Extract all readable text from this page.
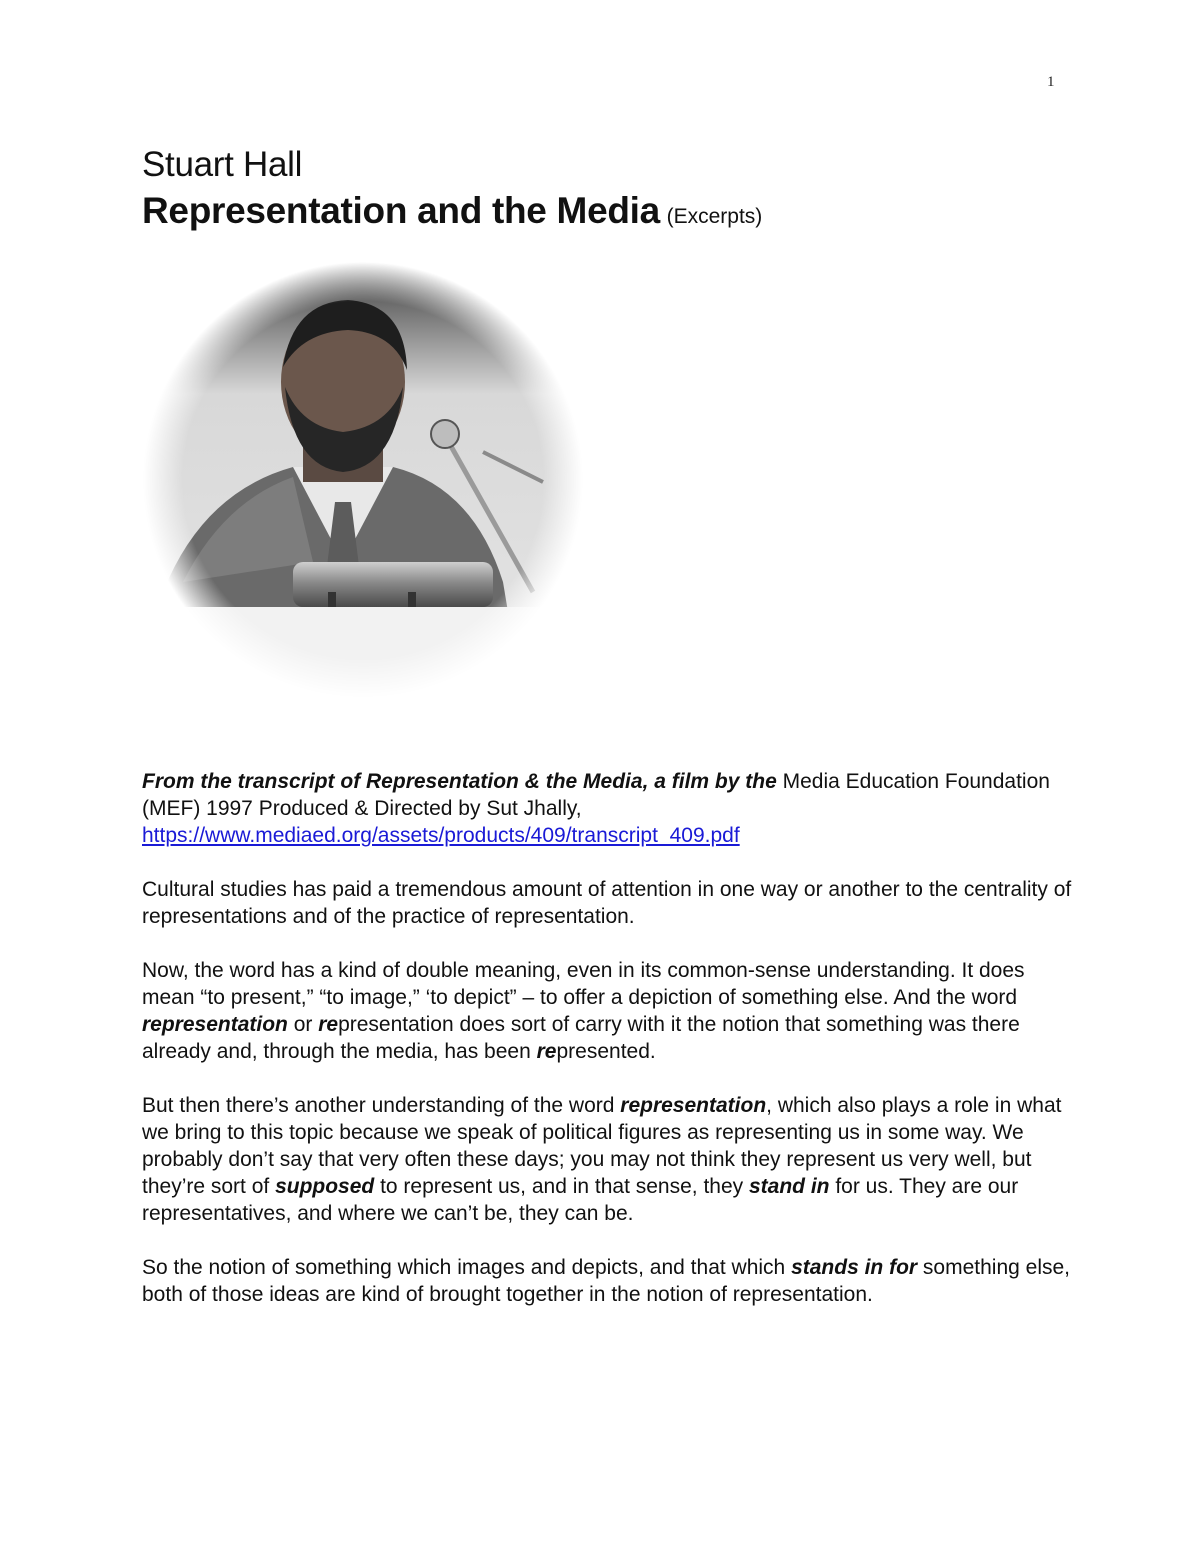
1
Stuart Hall
Representation and the Media (Excerpts)

From the transcript of Representation & the Media, a film by the Media Education Foundation (MEF) 1997 Produced & Directed by Sut Jhally,
https://www.mediaed.org/assets/products/409/transcript_409.pdf

Cultural studies has paid a tremendous amount of attention in one way or another to the centrality of representations and of the practice of representation.

Now, the word has a kind of double meaning, even in its common-sense understanding. It does mean “to present,” “to image,” ‘to depict” – to offer a depiction of something else. And the word representation or representation does sort of carry with it the notion that something was there already and, through the media, has been represented.

But then there’s another understanding of the word representation, which also plays a role in what we bring to this topic because we speak of political figures as representing us in some way. We probably don’t say that very often these days; you may not think they represent us very well, but they’re sort of supposed to represent us, and in that sense, they stand in for us. They are our representatives, and where we can’t be, they can be.

So the notion of something which images and depicts, and that which stands in for something else, both of those ideas are kind of brought together in the notion of representation.
